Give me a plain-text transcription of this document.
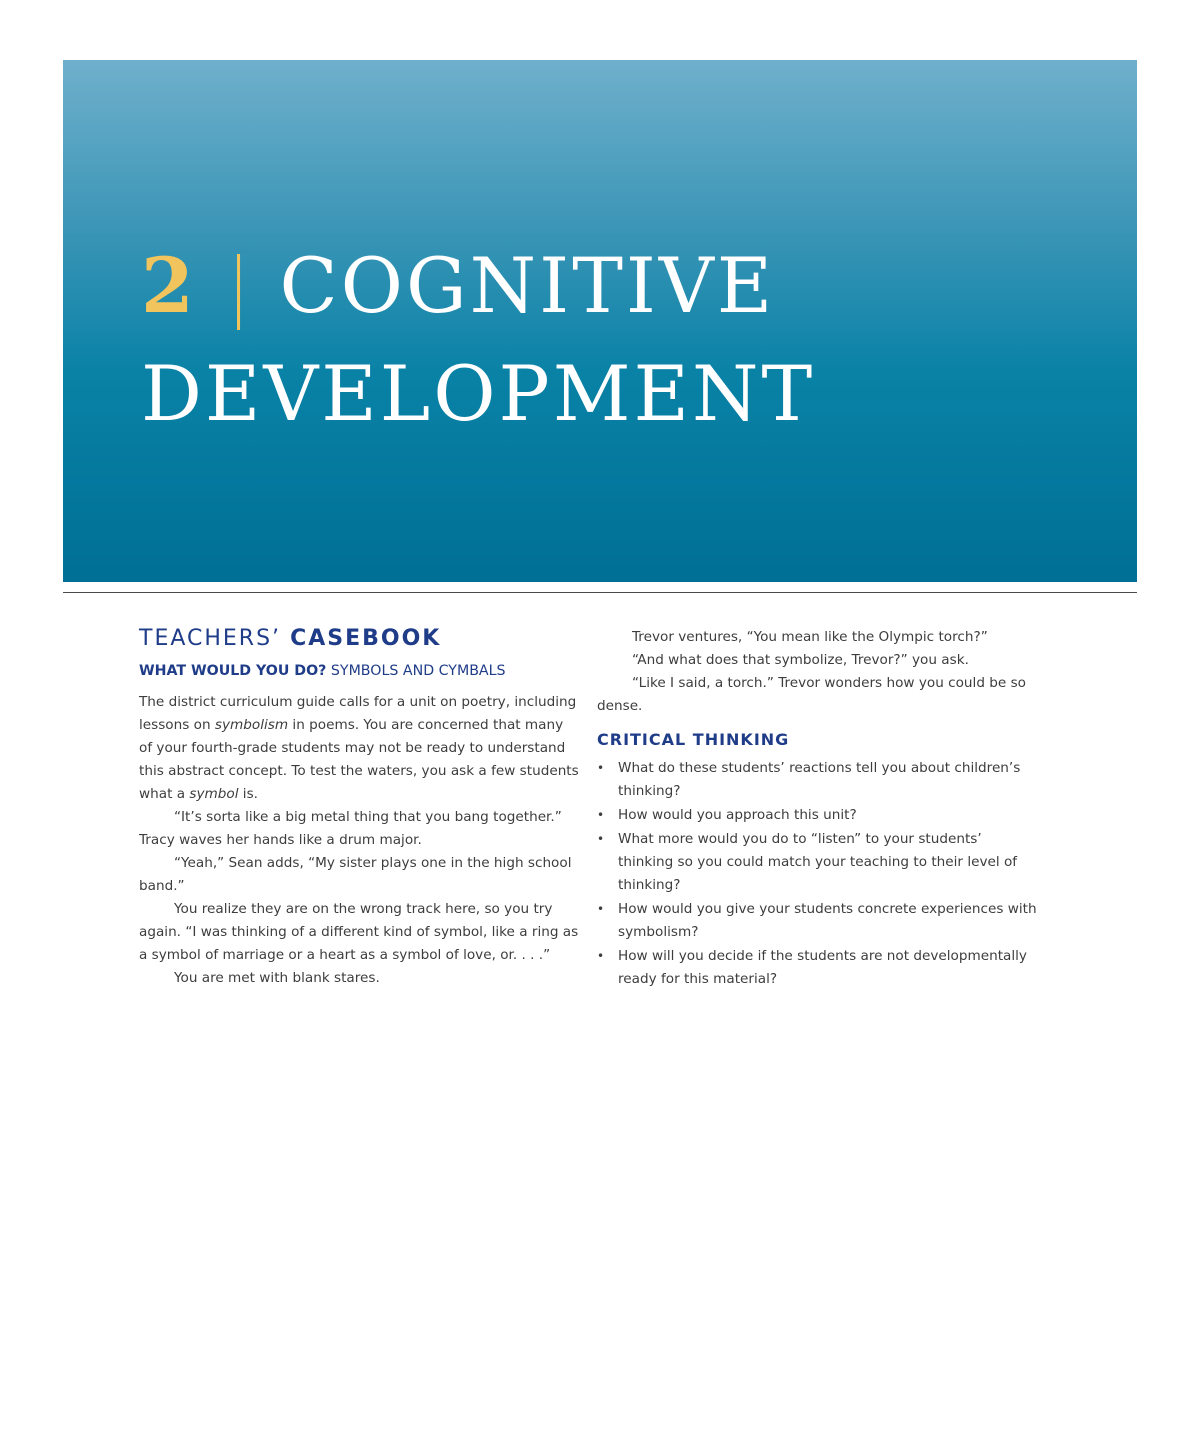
2 | COGNITIVE
DEVELOPMENT
TEACHERS’ CASEBOOK
WHAT WOULD YOU DO? SYMBOLS AND CYMBALS

The district curriculum guide calls for a unit on poetry, including lessons on symbolism in poems. You are concerned that many of your fourth-grade students may not be ready to understand this abstract concept. To test the waters, you ask a few students what a symbol is.

“It’s sorta like a big metal thing that you bang together.” Tracy waves her hands like a drum major.

“Yeah,” Sean adds, “My sister plays one in the high school band.”

You realize they are on the wrong track here, so you try again. “I was thinking of a different kind of symbol, like a ring as a symbol of marriage or a heart as a symbol of love, or. . . .”

You are met with blank stares.

Trevor ventures, “You mean like the Olympic torch?”

“And what does that symbolize, Trevor?” you ask.

“Like I said, a torch.” Trevor wonders how you could be so dense.

CRITICAL THINKING
• What do these students’ reactions tell you about children’s thinking?
• How would you approach this unit?
• What more would you do to “listen” to your students’ thinking so you could match your teaching to their level of thinking?
• How would you give your students concrete experiences with symbolism?
• How will you decide if the students are not developmentally ready for this material?
